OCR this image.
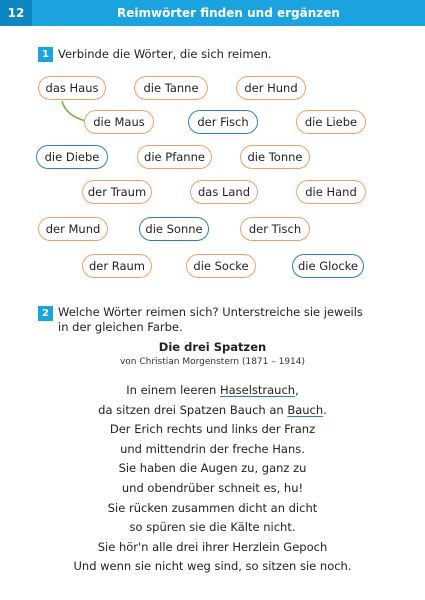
12	Reimwörter finden und ergänzen
1 Verbinde die Wörter, die sich reimen.
das Haus	die Tanne	der Hund
die Maus	der Fisch	die Liebe
die Diebe	die Pfanne	die Tonne
der Traum	das Land	die Hand
der Mund	die Sonne	der Tisch
der Raum	die Socke	die Glocke
2 Welche Wörter reimen sich? Unterstreiche sie jeweils
in der gleichen Farbe.
Die drei Spatzen
von Christian Morgenstern (1871 – 1914)
In einem leeren Haselstrauch,
da sitzen drei Spatzen Bauch an Bauch.
Der Erich rechts und links der Franz
und mittendrin der freche Hans.
Sie haben die Augen zu, ganz zu
und obendrüber schneit es, hu!
Sie rücken zusammen dicht an dicht
so spüren sie die Kälte nicht.
Sie hör'n alle drei ihrer Herzlein Gepoch
Und wenn sie nicht weg sind, so sitzen sie noch.
